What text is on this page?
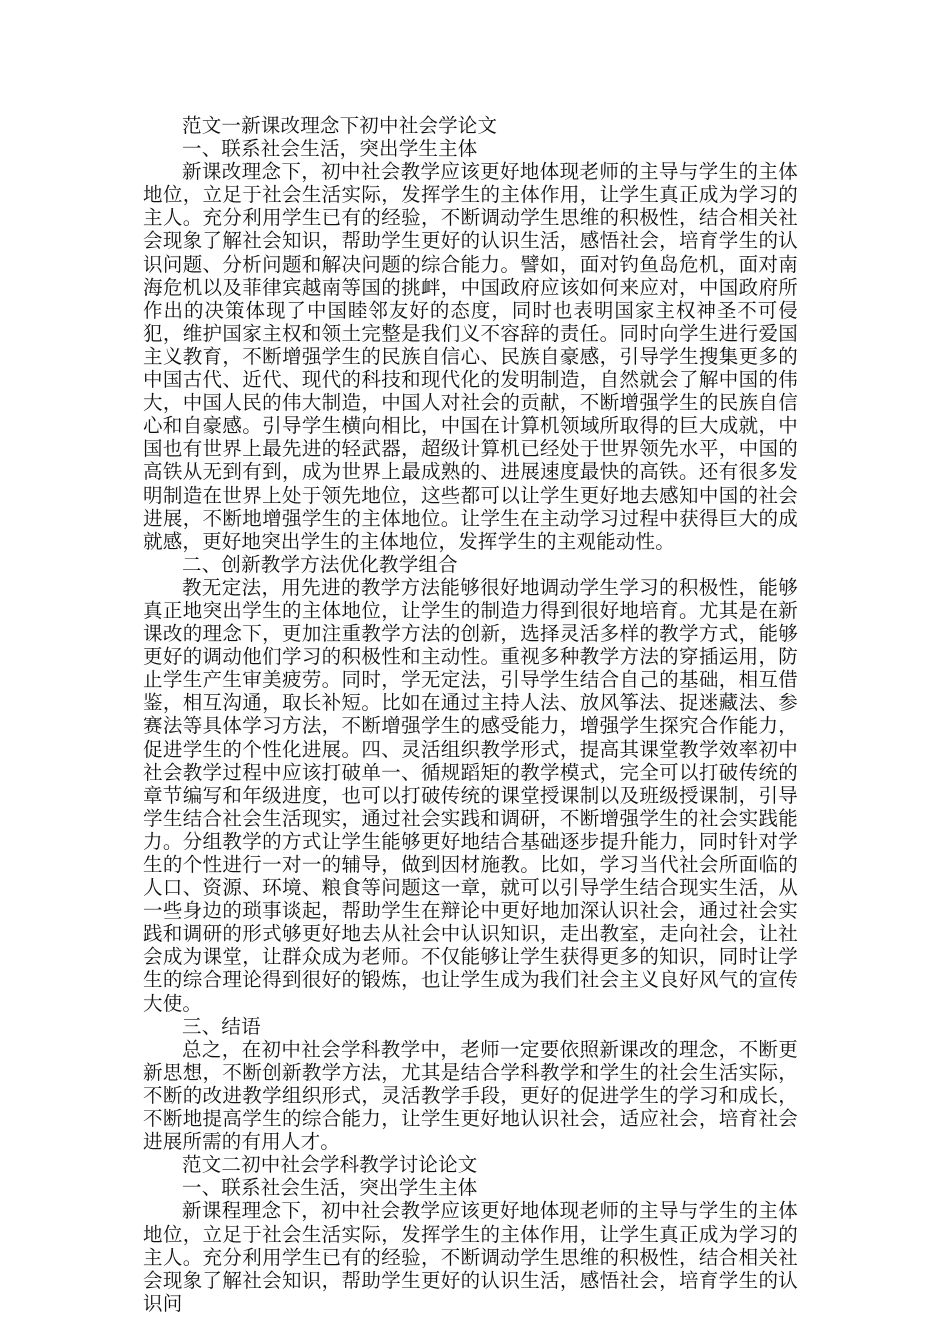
范文一新课改理念下初中社会学论文

一、联系社会生活，突出学生主体

新课改理念下，初中社会教学应该更好地体现老师的主导与学生的主体地位，立足于社会生活实际，发挥学生的主体作用，让学生真正成为学习的主人。充分利用学生已有的经验，不断调动学生思维的积极性，结合相关社会现象了解社会知识，帮助学生更好的认识生活，感悟社会，培育学生的认识问题、分析问题和解决问题的综合能力。譬如，面对钓鱼岛危机，面对南海危机以及菲律宾越南等国的挑衅，中国政府应该如何来应对，中国政府所作出的决策体现了中国睦邻友好的态度，同时也表明国家主权神圣不可侵犯，维护国家主权和领土完整是我们义不容辞的责任。同时向学生进行爱国主义教育，不断增强学生的民族自信心、民族自豪感，引导学生搜集更多的中国古代、近代、现代的科技和现代化的发明制造，自然就会了解中国的伟大，中国人民的伟大制造，中国人对社会的贡献，不断增强学生的民族自信心和自豪感。引导学生横向相比，中国在计算机领域所取得的巨大成就，中国也有世界上最先进的轻武器，超级计算机已经处于世界领先水平，中国的高铁从无到有到，成为世界上最成熟的、进展速度最快的高铁。还有很多发明制造在世界上处于领先地位，这些都可以让学生更好地去感知中国的社会进展，不断地增强学生的主体地位。让学生在主动学习过程中获得巨大的成就感，更好地突出学生的主体地位，发挥学生的主观能动性。

二、创新教学方法优化教学组合

教无定法，用先进的教学方法能够很好地调动学生学习的积极性，能够真正地突出学生的主体地位，让学生的制造力得到很好地培育。尤其是在新课改的理念下，更加注重教学方法的创新，选择灵活多样的教学方式，能够更好的调动他们学习的积极性和主动性。重视多种教学方法的穿插运用，防止学生产生审美疲劳。同时，学无定法，引导学生结合自己的基础，相互借鉴，相互沟通，取长补短。比如在通过主持人法、放风筝法、捉迷藏法、参赛法等具体学习方法，不断增强学生的感受能力，增强学生探究合作能力，促进学生的个性化进展。四、灵活组织教学形式，提高其课堂教学效率初中社会教学过程中应该打破单一、循规蹈矩的教学模式，完全可以打破传统的章节编写和年级进度，也可以打破传统的课堂授课制以及班级授课制，引导学生结合社会生活现实，通过社会实践和调研，不断增强学生的社会实践能力。分组教学的方式让学生能够更好地结合基础逐步提升能力，同时针对学生的个性进行一对一的辅导，做到因材施教。比如，学习当代社会所面临的人口、资源、环境、粮食等问题这一章，就可以引导学生结合现实生活，从一些身边的琐事谈起，帮助学生在辩论中更好地加深认识社会，通过社会实践和调研的形式够更好地去从社会中认识知识，走出教室，走向社会，让社会成为课堂，让群众成为老师。不仅能够让学生获得更多的知识，同时让学生的综合理论得到很好的锻炼，也让学生成为我们社会主义良好风气的宣传大使。

三、结语

总之，在初中社会学科教学中，老师一定要依照新课改的理念，不断更新思想，不断创新教学方法，尤其是结合学科教学和学生的社会生活实际，不断的改进教学组织形式，灵活教学手段，更好的促进学生的学习和成长，不断地提高学生的综合能力，让学生更好地认识社会，适应社会，培育社会进展所需的有用人才。

范文二初中社会学科教学讨论论文

一、联系社会生活，突出学生主体

新课程理念下，初中社会教学应该更好地体现老师的主导与学生的主体地位，立足于社会生活实际，发挥学生的主体作用，让学生真正成为学习的主人。充分利用学生已有的经验，不断调动学生思维的积极性，结合相关社会现象了解社会知识，帮助学生更好的认识生活，感悟社会，培育学生的认识问
